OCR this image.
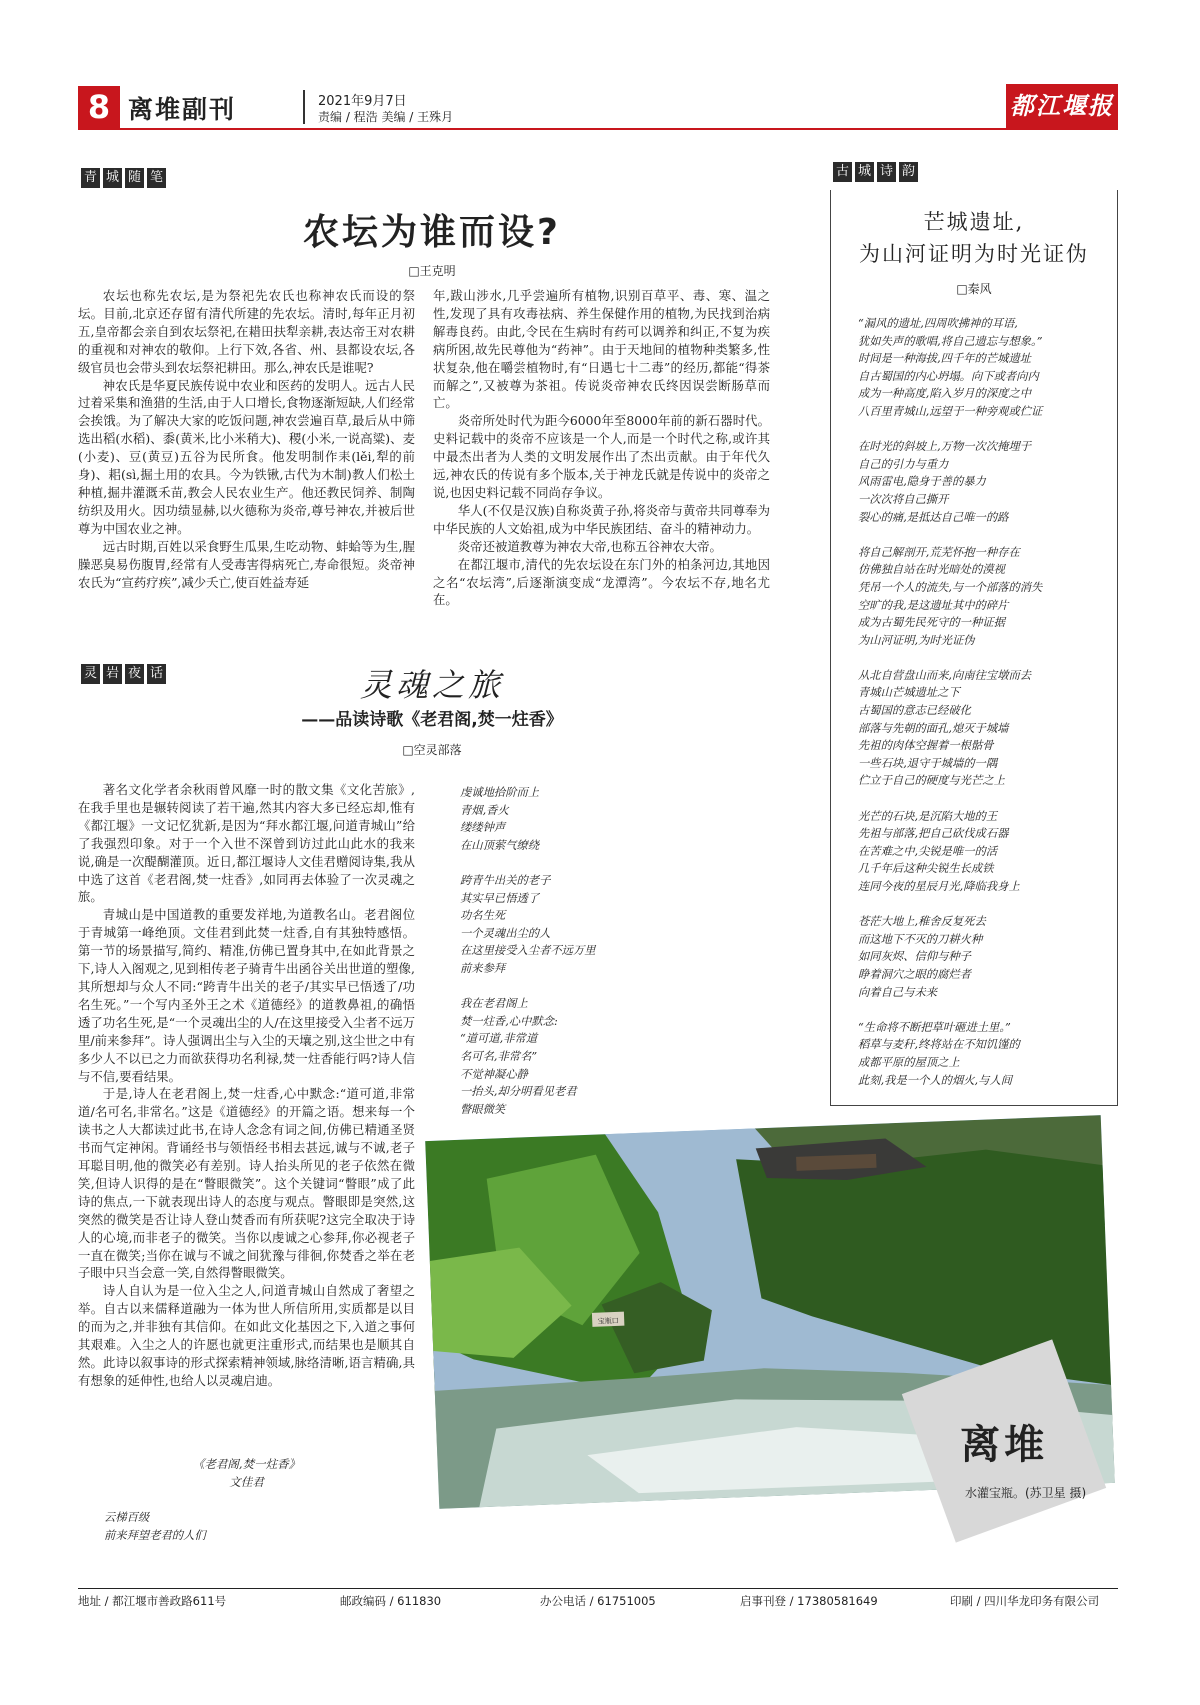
8 离堆副刊	2021年9月7日
责编 / 程浩 美编 / 王殊月	都江堰报
青 城 随 笔
农坛为谁而设?
□王克明

农坛也称先农坛,是为祭祀先农氏也称神农氏而设的祭坛。目前,北京还存留有清代所建的先农坛。清时,每年正月初五,皇帝都会亲自到农坛祭祀,在耤田扶犁亲耕,表达帝王对农耕的重视和对神农的敬仰。上行下效,各省、州、县都设农坛,各级官员也会带头到农坛祭祀耕田。那么,神农氏是谁呢?

神农氏是华夏民族传说中农业和医药的发明人。远古人民过着采集和渔猎的生活,由于人口增长,食物逐渐短缺,人们经常会挨饿。为了解决大家的吃饭问题,神农尝遍百草,最后从中筛选出稻(水稻)、黍(黄米,比小米稍大)、稷(小米,一说高粱)、麦(小麦)、豆(黄豆)五谷为民所食。他发明制作耒(lěi,犁的前身)、耜(sì,掘土用的农具。今为铁锹,古代为木制)教人们松土种植,掘井灌溉禾苗,教会人民农业生产。他还教民饲养、制陶纺织及用火。因功绩显赫,以火德称为炎帝,尊号神农,并被后世尊为中国农业之神。

远古时期,百姓以采食野生瓜果,生吃动物、蚌蛤等为生,腥臊恶臭易伤腹胃,经常有人受毒害得病死亡,寿命很短。炎帝神农氏为“宣药疗疾”,减少夭亡,使百姓益寿延

年,跋山涉水,几乎尝遍所有植物,识别百草平、毒、寒、温之性,发现了具有攻毒祛病、养生保健作用的植物,为民找到治病解毒良药。由此,令民在生病时有药可以调养和纠正,不复为疾病所困,故先民尊他为“药神”。由于天地间的植物种类繁多,性状复杂,他在嚼尝植物时,有“日遇七十二毒”的经历,都能“得茶而解之”,又被尊为茶祖。传说炎帝神农氏终因误尝断肠草而亡。

炎帝所处时代为距今6000年至8000年前的新石器时代。史料记载中的炎帝不应该是一个人,而是一个时代之称,或许其中最杰出者为人类的文明发展作出了杰出贡献。由于年代久远,神农氏的传说有多个版本,关于神龙氏就是传说中的炎帝之说,也因史料记载不同尚存争议。

华人(不仅是汉族)自称炎黄子孙,将炎帝与黄帝共同尊奉为中华民族的人文始祖,成为中华民族团结、奋斗的精神动力。

炎帝还被道教尊为神农大帝,也称五谷神农大帝。

在都江堰市,清代的先农坛设在东门外的柏条河边,其地因之名“农坛湾”,后逐渐演变成“龙潭湾”。今农坛不存,地名尤在。

灵 岩 夜 话	灵魂之旅
——品读诗歌《老君阁,焚一炷香》
□空灵部落

著名文化学者余秋雨曾风靡一时的散文集《文化苦旅》,在我手里也是辗转阅读了若干遍,然其内容大多已经忘却,惟有《都江堰》一文记忆犹新,是因为“拜水都江堰,问道青城山”给了我强烈印象。对于一个入世不深曾到访过此山此水的我来说,确是一次醍醐灌顶。近日,都江堰诗人文佳君赠阅诗集,我从中选了这首《老君阁,焚一炷香》,如同再去体验了一次灵魂之旅。

青城山是中国道教的重要发祥地,为道教名山。老君阁位于青城第一峰绝顶。文佳君到此焚一炷香,自有其独特感悟。第一节的场景描写,简约、精准,仿佛已置身其中,在如此背景之下,诗人入阁观之,见到相传老子骑青牛出函谷关出世道的塑像,其所想却与众人不同:“跨青牛出关的老子/其实早已悟透了/功名生死。”一个写内圣外王之术《道德经》的道教鼻祖,的确悟透了功名生死,是“一个灵魂出尘的人/在这里接受入尘者不远万里/前来参拜”。诗人强调出尘与入尘的天壤之别,这尘世之中有多少人不以已之力而欲获得功名利禄,焚一炷香能行吗?诗人信与不信,要看结果。

于是,诗人在老君阁上,焚一炷香,心中默念:“道可道,非常道/名可名,非常名。”这是《道德经》的开篇之语。想来每一个读书之人大都读过此书,在诗人念念有词之间,仿佛已精通圣贤书而气定神闲。背诵经书与领悟经书相去甚远,诚与不诚,老子耳聪目明,他的微笑必有差别。诗人抬头所见的老子依然在微笑,但诗人识得的是在“瞥眼微笑”。这个关键词“瞥眼”成了此诗的焦点,一下就表现出诗人的态度与观点。瞥眼即是突然,这突然的微笑是否让诗人登山焚香而有所获呢?这完全取决于诗人的心境,而非老子的微笑。当你以虔诚之心参拜,你必视老子一直在微笑;当你在诚与不诚之间犹豫与徘徊,你焚香之举在老子眼中只当会意一笑,自然得瞥眼微笑。

诗人自认为是一位入尘之人,问道青城山自然成了奢望之举。自古以来儒释道融为一体为世人所信所用,实质都是以目的而为之,并非独有其信仰。在如此文化基因之下,入道之事何其艰难。入尘之人的许愿也就更注重形式,而结果也是顺其自然。此诗以叙事诗的形式探索精神领域,脉络清晰,语言精确,具有想象的延伸性,也给人以灵魂启迪。

《老君阁,焚一炷香》
文佳君
云梯百级
前来拜望老君的人们
虔诚地拾阶而上
青烟,香火
缕缕钟声
在山顶萦气缭绕
跨青牛出关的老子
其实早已悟透了
功名生死
一个灵魂出尘的人
在这里接受入尘者不远万里
前来参拜
我在老君阁上
焚一炷香,心中默念:
“道可道,非常道
名可名,非常名”
不觉神凝心静
一抬头,却分明看见老君
瞥眼微笑
古 城 诗 韵
芒城遗址,
为山河证明为时光证伪
□秦风
“漏风的遗址,四周吹拂神的耳语,
犹如失声的歌唱,将自己遗忘与想象。”
时间是一种海拔,四千年的芒城遗址
自古蜀国的内心坍塌。向下或者向内
成为一种高度,陷入岁月的深度之中
八百里青城山,远望于一种旁观或伫证
在时光的斜坡上,万物一次次掩埋于
自己的引力与重力
风雨雷电,隐身于善的暴力
一次次将自己撕开
裂心的痛,是抵达自己唯一的路
将自己解剖开,荒芜怀抱一种存在
仿佛独自站在时光暗处的漠视
凭吊一个人的流失,与一个部落的消失
空旷的我,是这遗址其中的碎片
成为古蜀先民死守的一种证据
为山河证明,为时光证伪
从北自营盘山而来,向南往宝墩而去
青城山芒城遗址之下
古蜀国的意志已经破化
部落与先朝的面孔,熄灭于城墙
先祖的肉体空握着一根骷骨
一些石块,退守于城墙的一隅
伫立于自己的硬度与光芒之上
光芒的石块,是沉陷大地的王
先祖与部落,把自己砍伐成石器
在苦难之中,尖锐是唯一的活
几千年后这种尖锐生长成铁
连同今夜的星辰月光,降临我身上
苍茫大地上,稚舍反复死去
而这地下不灭的刀耕火种
如同灰烬、信仰与种子
睁着洞穴之眼的腐烂者
向着自己与未来
“生命将不断把草叶砸进土里。”
稻草与麦秆,终将站在不知饥馑的
成都平原的屋顶之上
此刻,我是一个人的烟火,与人间
宝瓶口
离堆
水灌宝瓶。(苏卫星 摄)
地址 / 都江堰市善政路611号	邮政编码 / 611830	办公电话 / 61751005	启事刊登 / 17380581649	印刷 / 四川华龙印务有限公司
